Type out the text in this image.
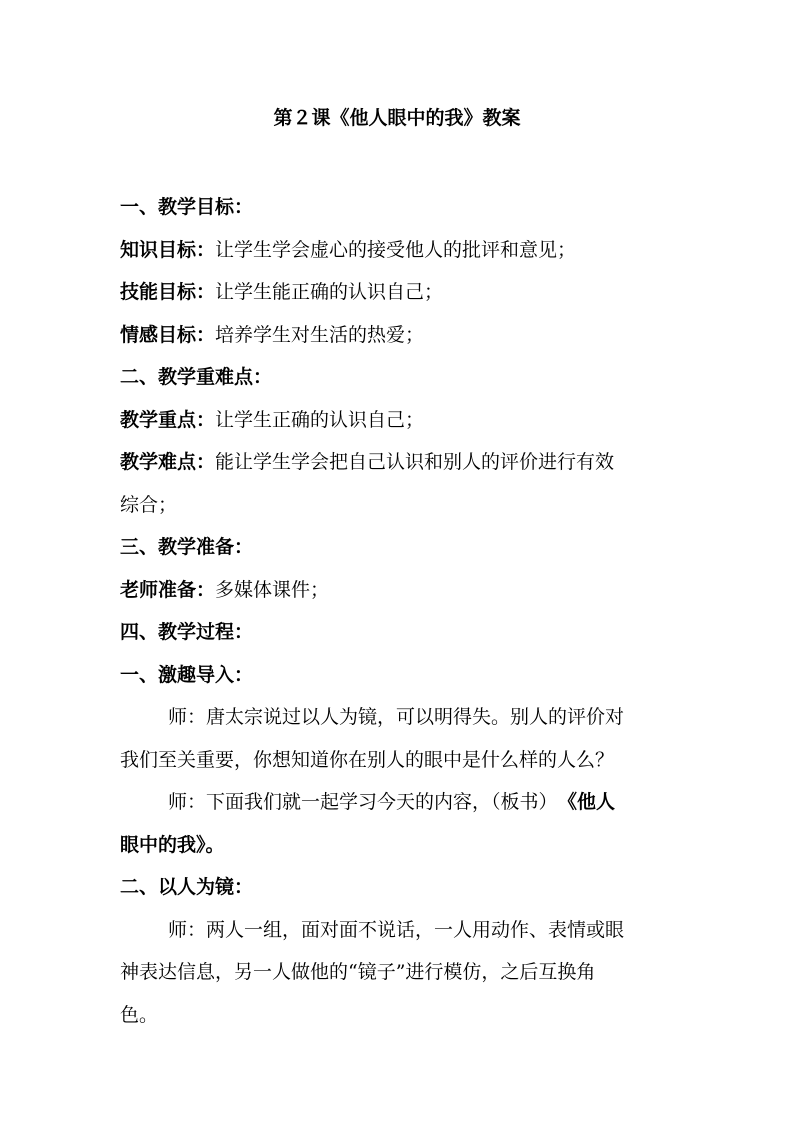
第２课《他人眼中的我》教案
一、教学目标：
知识目标：让学生学会虚心的接受他人的批评和意见；
技能目标：让学生能正确的认识自己；
情感目标：培养学生对生活的热爱；
二、教学重难点：
教学重点：让学生正确的认识自己；
教学难点：能让学生学会把自己认识和别人的评价进行有效
综合；
三、教学准备：
老师准备：多媒体课件；
四、教学过程：
一、激趣导入：
师：唐太宗说过以人为镜，可以明得失。别人的评价对
我们至关重要，你想知道你在别人的眼中是什么样的人么？
师：下面我们就一起学习今天的内容，（板书） 《他人
眼中的我》。
二、以人为镜：
师：两人一组，面对面不说话，一人用动作、表情或眼
神表达信息，另一人做他的“镜子”进行模仿，之后互换角
色。
